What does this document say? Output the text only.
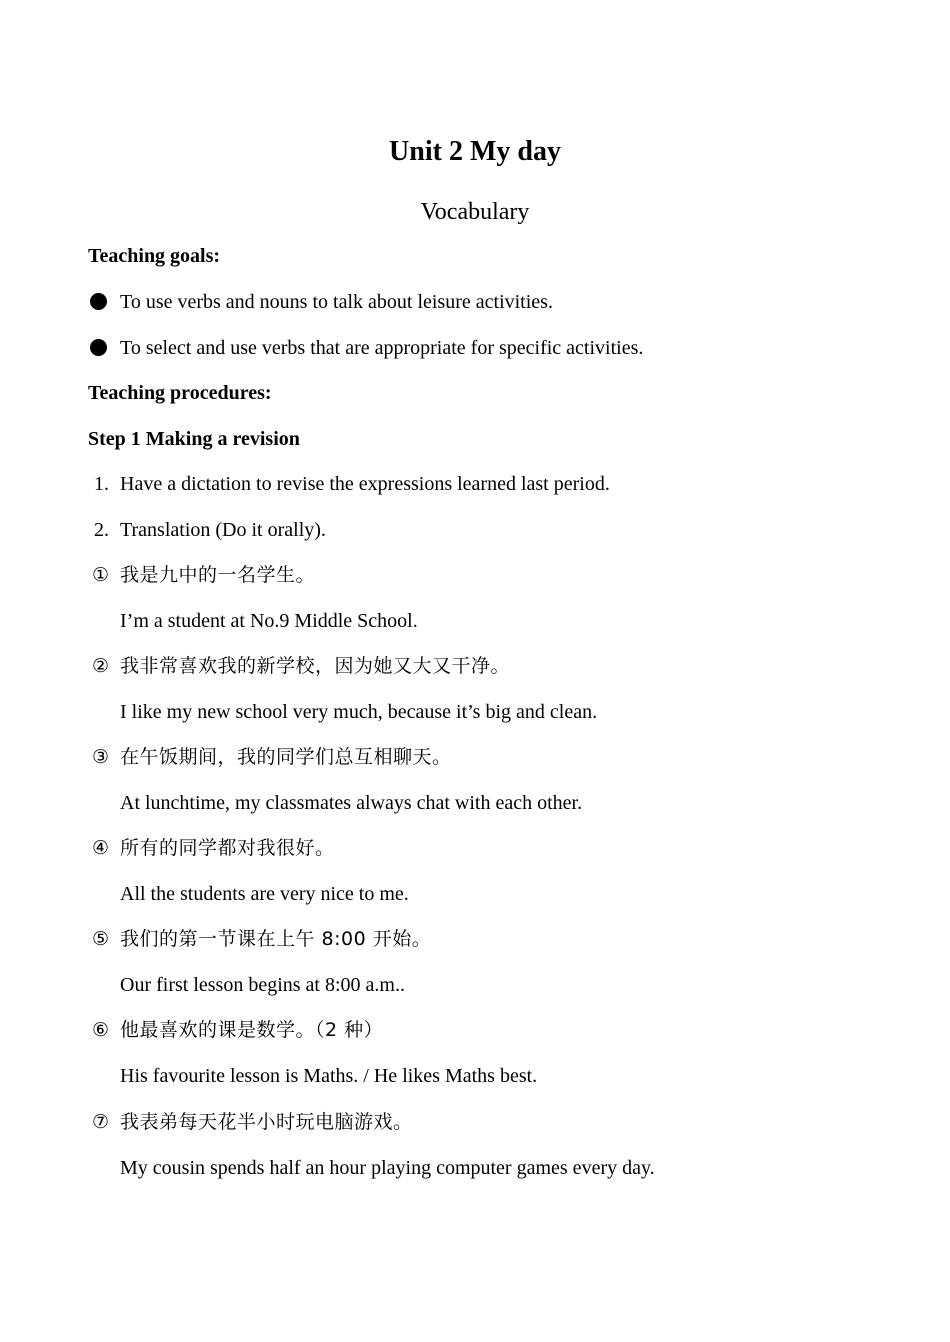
Unit 2 My day
Vocabulary
Teaching goals:
To use verbs and nouns to talk about leisure activities.
To select and use verbs that are appropriate for specific activities.
Teaching procedures:
Step 1 Making a revision
1. Have a dictation to revise the expressions learned last period.
2. Translation (Do it orally).
① 我是九中的一名学生。
I’m a student at No.9 Middle School.
② 我非常喜欢我的新学校，因为她又大又干净。
I like my new school very much, because it’s big and clean.
③ 在午饭期间，我的同学们总互相聊天。
At lunchtime, my classmates always chat with each other.
④ 所有的同学都对我很好。
All the students are very nice to me.
⑤ 我们的第一节课在上午 8:00 开始。
Our first lesson begins at 8:00 a.m..
⑥ 他最喜欢的课是数学。（2 种）
His favourite lesson is Maths. / He likes Maths best.
⑦ 我表弟每天花半小时玩电脑游戏。
My cousin spends half an hour playing computer games every day.
